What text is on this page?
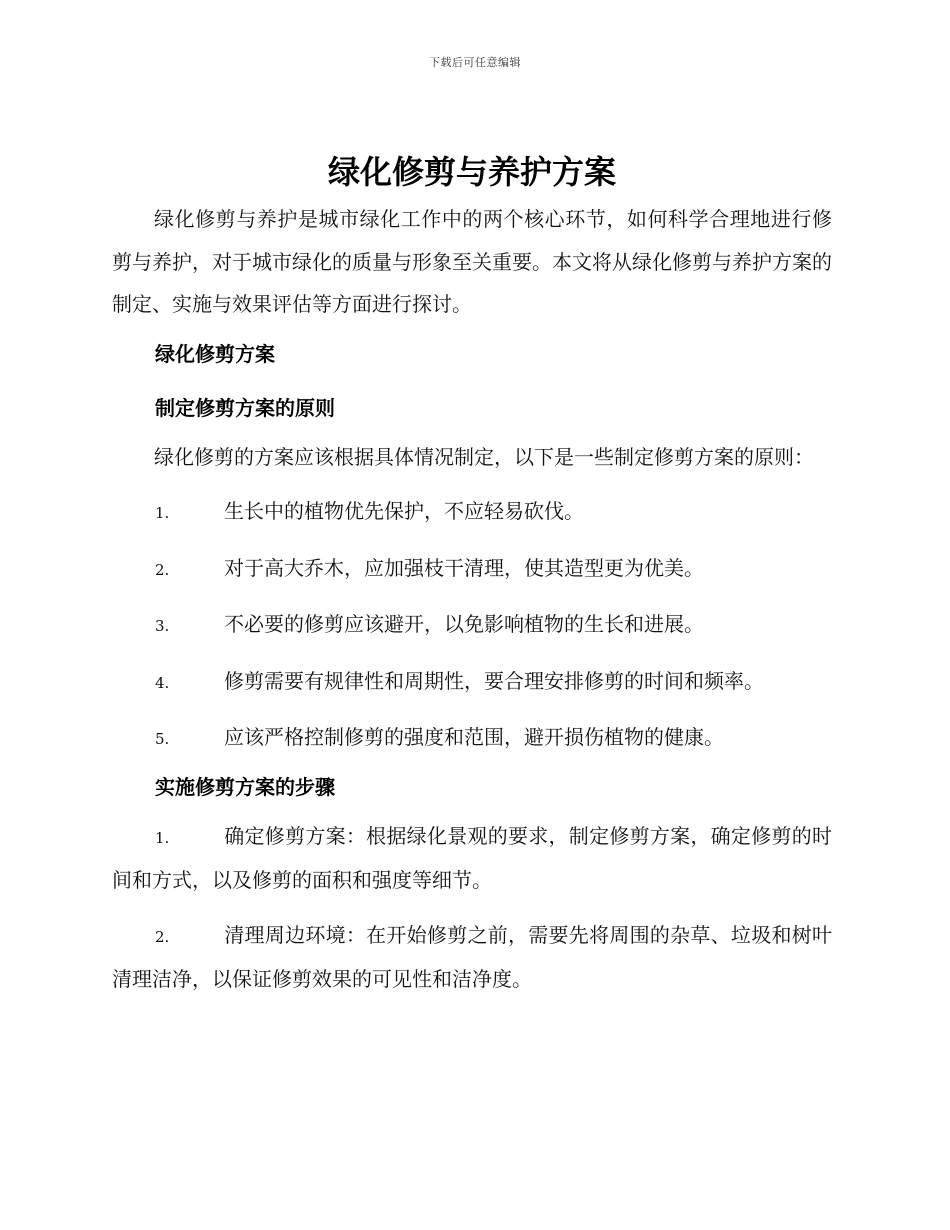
下载后可任意编辑
绿化修剪与养护方案

绿化修剪与养护是城市绿化工作中的两个核心环节，如何科学合理地进行修剪与养护，对于城市绿化的质量与形象至关重要。本文将从绿化修剪与养护方案的制定、实施与效果评估等方面进行探讨。

绿化修剪方案
制定修剪方案的原则

绿化修剪的方案应该根据具体情况制定，以下是一些制定修剪方案的原则：

1.	生长中的植物优先保护，不应轻易砍伐。

2.	对于高大乔木，应加强枝干清理，使其造型更为优美。

3.	不必要的修剪应该避开，以免影响植物的生长和进展。

4.	修剪需要有规律性和周期性，要合理安排修剪的时间和频率。

5.	应该严格控制修剪的强度和范围，避开损伤植物的健康。

实施修剪方案的步骤

1.	确定修剪方案：根据绿化景观的要求，制定修剪方案，确定修剪的时间和方式，以及修剪的面积和强度等细节。

2.	清理周边环境：在开始修剪之前，需要先将周围的杂草、垃圾和树叶清理洁净，以保证修剪效果的可见性和洁净度。
